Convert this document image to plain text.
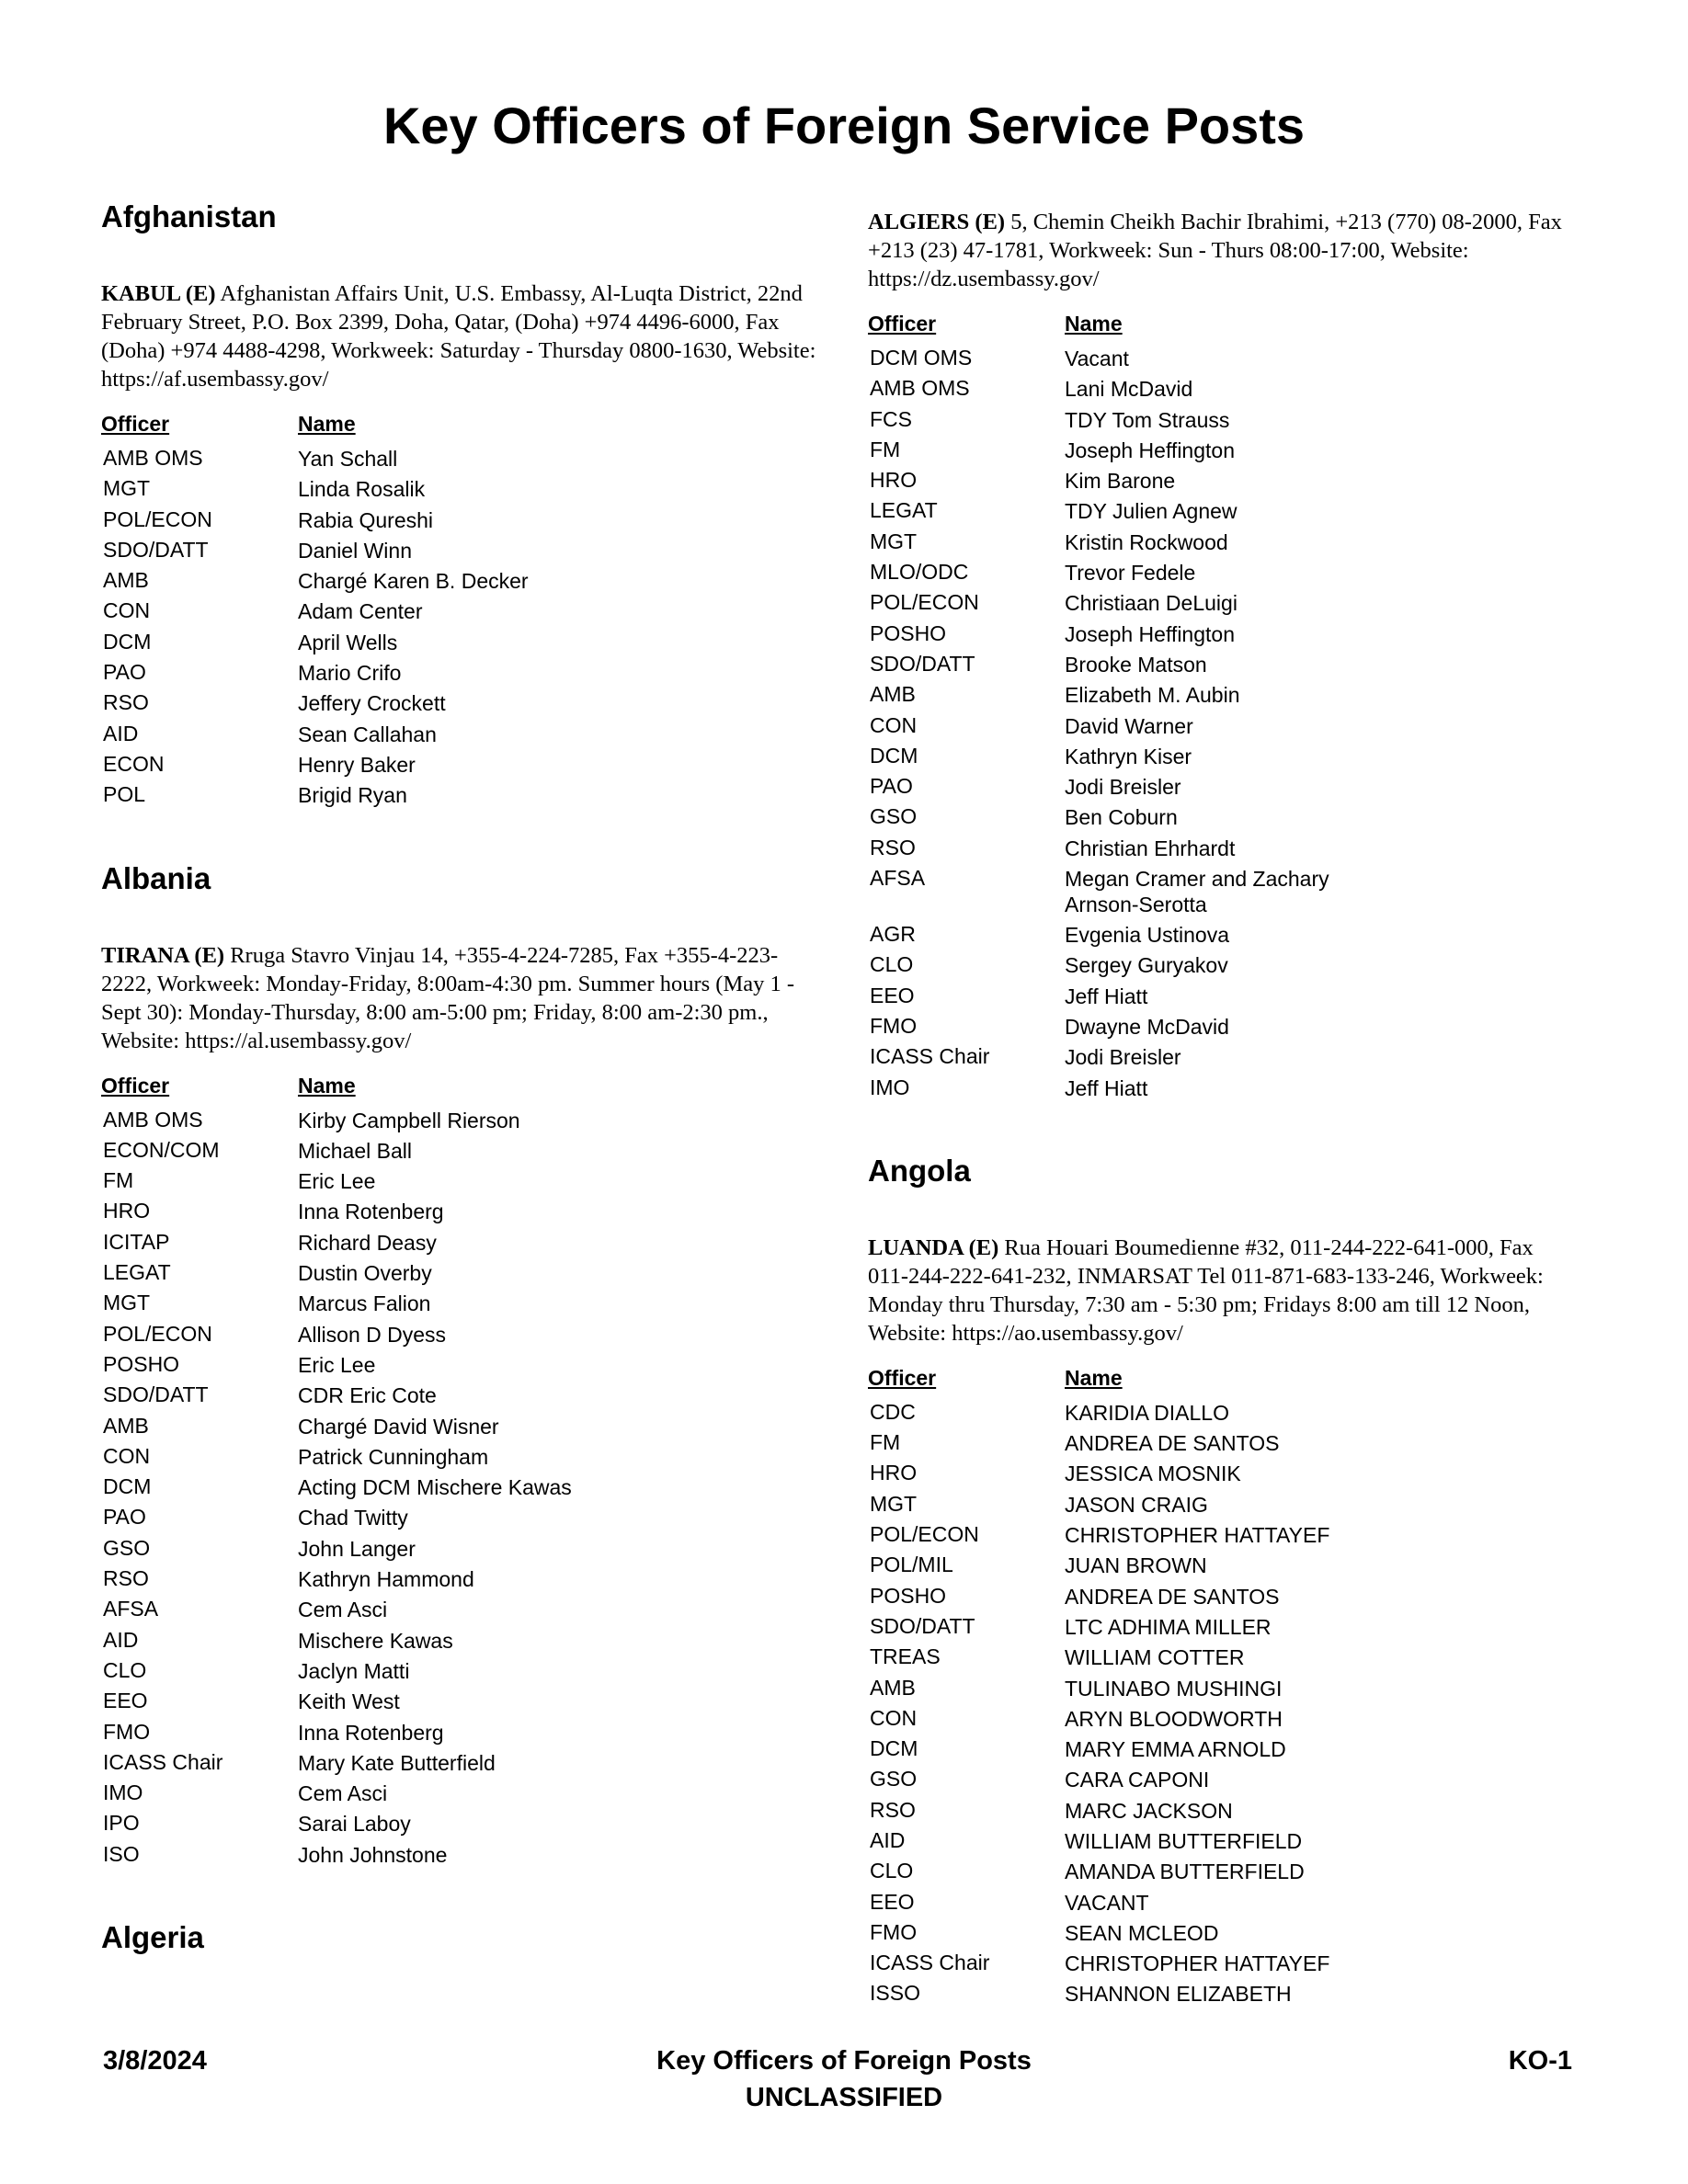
Key Officers of Foreign Service Posts
Afghanistan

KABUL (E) Afghanistan Affairs Unit, U.S. Embassy, Al-Luqta District, 22nd February Street, P.O. Box 2399, Doha, Qatar, (Doha) +974 4496-6000, Fax (Doha) +974 4488-4298, Workweek: Saturday - Thursday 0800-1630, Website: https://af.usembassy.gov/

Officer	Name
AMB OMS	Yan Schall
MGT	Linda Rosalik
POL/ECON	Rabia Qureshi
SDO/DATT	Daniel Winn
AMB	Chargé Karen B. Decker
CON	Adam Center
DCM	April Wells
PAO	Mario Crifo
RSO	Jeffery Crockett
AID	Sean Callahan
ECON	Henry Baker
POL	Brigid Ryan
Albania

TIRANA (E) Rruga Stavro Vinjau 14, +355-4-224-7285, Fax +355-4-223-2222, Workweek: Monday-Friday, 8:00am-4:30 pm. Summer hours (May 1 - Sept 30): Monday-Thursday, 8:00 am-5:00 pm; Friday, 8:00 am-2:30 pm., Website: https://al.usembassy.gov/

Officer	Name
AMB OMS	Kirby Campbell Rierson
ECON/COM	Michael Ball
FM	Eric Lee
HRO	Inna Rotenberg
ICITAP	Richard Deasy
LEGAT	Dustin Overby
MGT	Marcus Falion
POL/ECON	Allison D Dyess
POSHO	Eric Lee
SDO/DATT	CDR Eric Cote
AMB	Chargé David Wisner
CON	Patrick Cunningham
DCM	Acting DCM Mischere Kawas
PAO	Chad Twitty
GSO	John Langer
RSO	Kathryn Hammond
AFSA	Cem Asci
AID	Mischere Kawas
CLO	Jaclyn Matti
EEO	Keith West
FMO	Inna Rotenberg
ICASS Chair	Mary Kate Butterfield
IMO	Cem Asci
IPO	Sarai Laboy
ISO	John Johnstone
Algeria

ALGIERS (E) 5, Chemin Cheikh Bachir Ibrahimi, +213 (770) 08-2000, Fax +213 (23) 47-1781, Workweek: Sun - Thurs 08:00-17:00, Website: https://dz.usembassy.gov/

Officer	Name
DCM OMS	Vacant
AMB OMS	Lani McDavid
FCS	TDY Tom Strauss
FM	Joseph Heffington
HRO	Kim Barone
LEGAT	TDY Julien Agnew
MGT	Kristin Rockwood
MLO/ODC	Trevor Fedele
POL/ECON	Christiaan DeLuigi
POSHO	Joseph Heffington
SDO/DATT	Brooke Matson
AMB	Elizabeth M. Aubin
CON	David Warner
DCM	Kathryn Kiser
PAO	Jodi Breisler
GSO	Ben Coburn
RSO	Christian Ehrhardt
AFSA	Megan Cramer and Zachary Arnson-Serotta
AGR	Evgenia Ustinova
CLO	Sergey Guryakov
EEO	Jeff Hiatt
FMO	Dwayne McDavid
ICASS Chair	Jodi Breisler
IMO	Jeff Hiatt
Angola

LUANDA (E) Rua Houari Boumedienne #32, 011-244-222-641-000, Fax 011-244-222-641-232, INMARSAT Tel 011-871-683-133-246, Workweek: Monday thru Thursday, 7:30 am - 5:30 pm; Fridays 8:00 am till 12 Noon, Website: https://ao.usembassy.gov/

Officer	Name
CDC	KARIDIA DIALLO
FM	ANDREA DE SANTOS
HRO	JESSICA MOSNIK
MGT	JASON CRAIG
POL/ECON	CHRISTOPHER HATTAYEF
POL/MIL	JUAN BROWN
POSHO	ANDREA DE SANTOS
SDO/DATT	LTC ADHIMA MILLER
TREAS	WILLIAM COTTER
AMB	TULINABO MUSHINGI
CON	ARYN BLOODWORTH
DCM	MARY EMMA ARNOLD
GSO	CARA CAPONI
RSO	MARC JACKSON
AID	WILLIAM BUTTERFIELD
CLO	AMANDA BUTTERFIELD
EEO	VACANT
FMO	SEAN MCLEOD
ICASS Chair	CHRISTOPHER HATTAYEF
ISSO	SHANNON ELIZABETH
3/8/2024	Key Officers of Foreign Posts
UNCLASSIFIED
KO-1
